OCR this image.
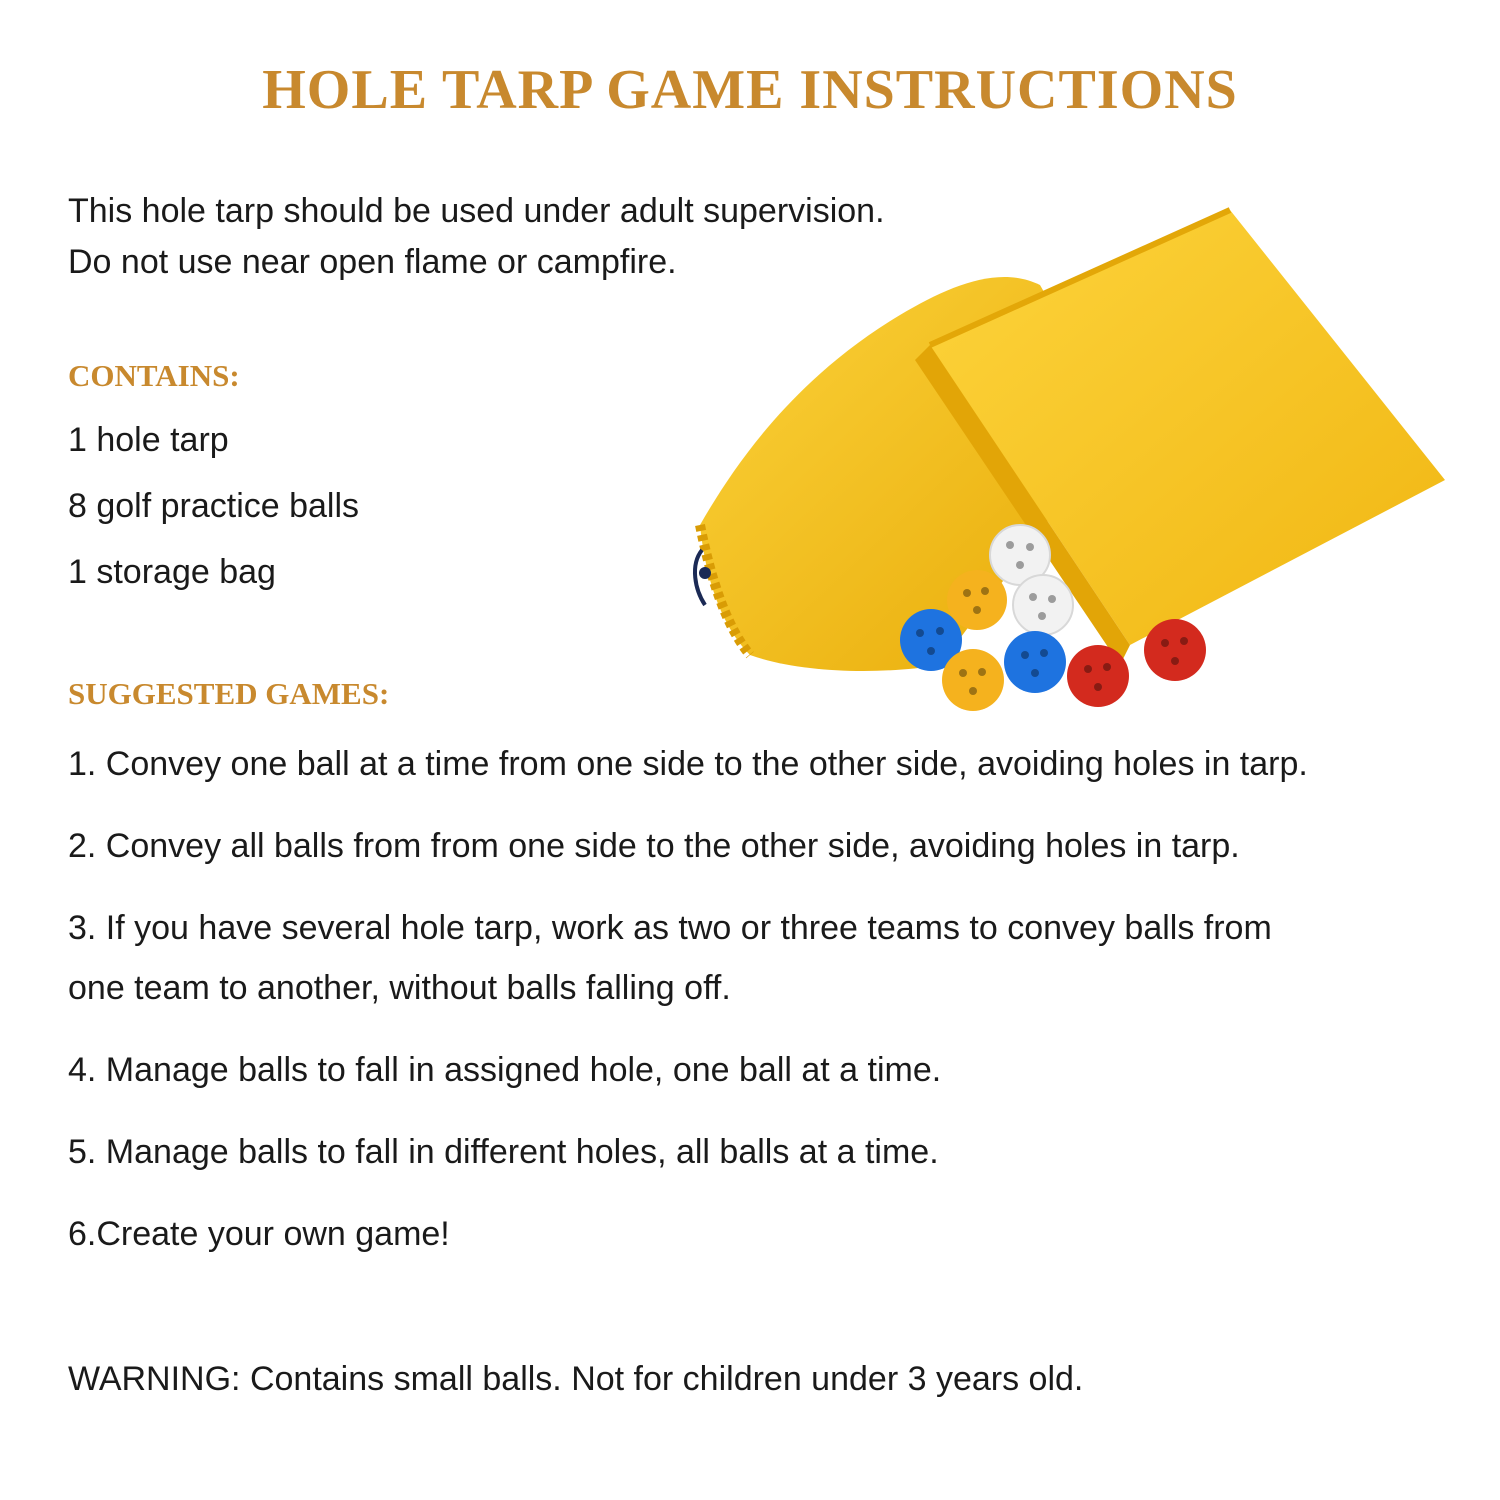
HOLE TARP GAME INSTRUCTIONS

This hole tarp should be used under adult supervision.

Do not use near open flame or campfire.

CONTAINS:

1 hole tarp

8 golf practice balls

1 storage bag

SUGGESTED GAMES:

1. Convey one ball at a time from one side to the other side, avoiding holes in tarp.

2. Convey all balls from from one side to the other side, avoiding holes in tarp.

3. If you have several hole tarp, work as two or three teams to convey balls from one team to another, without balls falling off.

4. Manage balls to fall in assigned hole, one ball at a time.

5. Manage balls to fall in different holes, all balls at a time.

6.Create your own game!

WARNING: Contains small balls. Not for children under 3 years old.
